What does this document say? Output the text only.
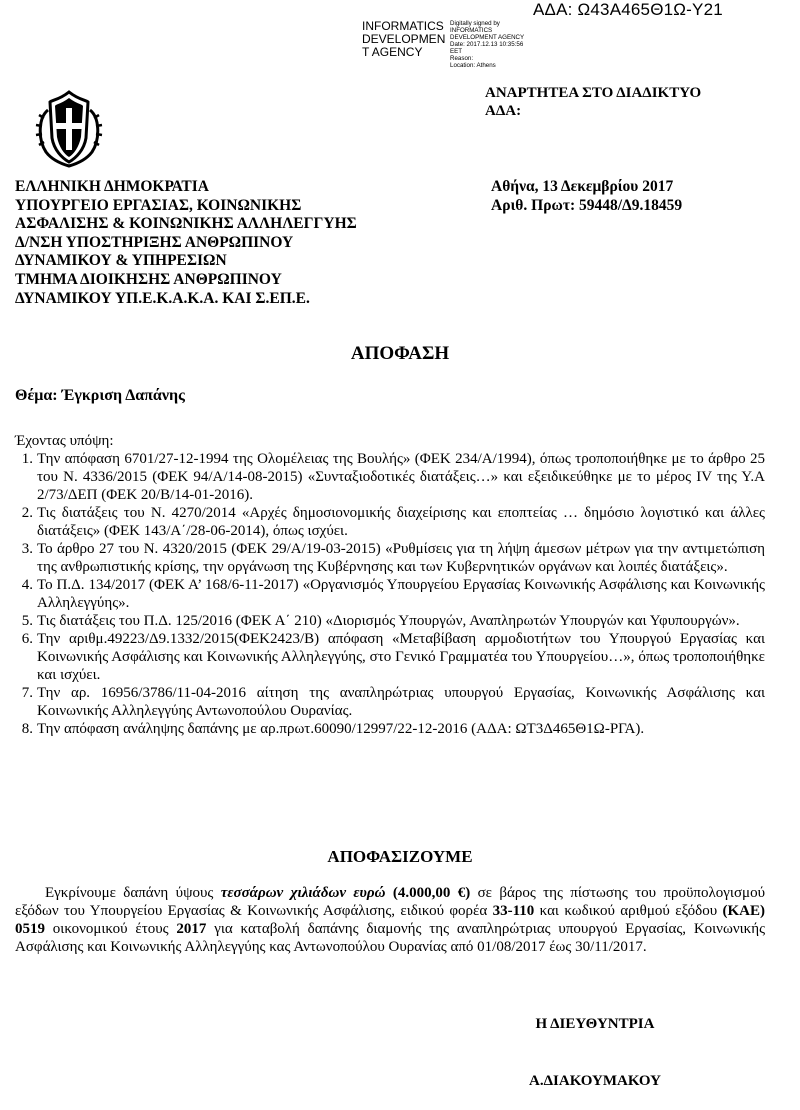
ΑΔΑ: Ω43Α465Θ1Ω-Υ21
INFORMATICS
DEVELOPMEN
T AGENCY
Digitally signed by
INFORMATICS
DEVELOPMENT AGENCY
Date: 2017.12.13 10:35:56
EET
Reason:
Location: Athens
ΑΝΑΡΤΗΤΕΑ ΣΤΟ ΔΙΑΔΙΚΤΥΟ
ΑΔΑ:
ΕΛΛΗΝΙΚΗ ΔΗΜΟΚΡΑΤΙΑ
ΥΠΟΥΡΓΕΙΟ ΕΡΓΑΣΙΑΣ, ΚΟΙΝΩΝΙΚΗΣ
ΑΣΦΑΛΙΣΗΣ & ΚΟΙΝΩΝΙΚΗΣ ΑΛΛΗΛΕΓΓΥΗΣ
Δ/ΝΣΗ ΥΠΟΣΤΗΡΙΞΗΣ ΑΝΘΡΩΠΙΝΟΥ
ΔΥΝΑΜΙΚΟΥ & ΥΠΗΡΕΣΙΩΝ
ΤΜΗΜΑ ΔΙΟΙΚΗΣΗΣ ΑΝΘΡΩΠΙΝΟΥ
ΔΥΝΑΜΙΚΟΥ ΥΠ.Ε.Κ.Α.Κ.Α. ΚΑΙ Σ.ΕΠ.Ε.
Αθήνα, 13 Δεκεμβρίου 2017
Αριθ. Πρωτ: 59448/Δ9.18459
ΑΠΟΦΑΣΗ
Θέμα: Έγκριση Δαπάνης
Έχοντας υπόψη:
1. Την απόφαση 6701/27-12-1994 της Ολομέλειας της Βουλής» (ΦΕΚ 234/Α/1994), όπως τροποποιήθηκε με το άρθρο 25 του Ν. 4336/2015 (ΦΕΚ 94/Α/14-08-2015) «Συνταξιοδοτικές διατάξεις…» και εξειδικεύθηκε με το μέρος IV της Υ.Α 2/73/ΔΕΠ (ΦΕΚ 20/Β/14-01-2016).
2. Τις διατάξεις του Ν. 4270/2014 «Αρχές δημοσιονομικής διαχείρισης και εποπτείας … δημόσιο λογιστικό και άλλες διατάξεις» (ΦΕΚ 143/Α΄/28-06-2014), όπως ισχύει.
3. Το άρθρο 27 του Ν. 4320/2015 (ΦΕΚ 29/Α/19-03-2015) «Ρυθμίσεις για τη λήψη άμεσων μέτρων για την αντιμετώπιση της ανθρωπιστικής κρίσης, την οργάνωση της Κυβέρνησης και των Κυβερνητικών οργάνων και λοιπές διατάξεις».
4. Το Π.Δ. 134/2017 (ΦΕΚ Α’ 168/6-11-2017) «Οργανισμός Υπουργείου Εργασίας Κοινωνικής Ασφάλισης και Κοινωνικής Αλληλεγγύης».
5. Τις διατάξεις του Π.Δ. 125/2016 (ΦΕΚ Α΄ 210) «Διορισμός Υπουργών, Αναπληρωτών Υπουργών και Υφυπουργών».
6. Την αριθμ.49223/Δ9.1332/2015(ΦΕΚ2423/Β) απόφαση «Μεταβίβαση αρμοδιοτήτων του Υπουργού Εργασίας και Κοινωνικής Ασφάλισης και Κοινωνικής Αλληλεγγύης, στο Γενικό Γραμματέα του Υπουργείου…», όπως τροποποιήθηκε και ισχύει.
7. Την αρ. 16956/3786/11-04-2016 αίτηση της αναπληρώτριας υπουργού Εργασίας, Κοινωνικής Ασφάλισης και Κοινωνικής Αλληλεγγύης Αντωνοπούλου Ουρανίας.
8. Την απόφαση ανάληψης δαπάνης με αρ.πρωτ.60090/12997/22-12-2016 (ΑΔΑ: ΩΤ3Δ465Θ1Ω-ΡΓΑ).
ΑΠΟΦΑΣΙΖΟΥΜΕ
Εγκρίνουμε δαπάνη ύψους τεσσάρων χιλιάδων ευρώ (4.000,00 €) σε βάρος της πίστωσης του προϋπολογισμού εξόδων του Υπουργείου Εργασίας & Κοινωνικής Ασφάλισης, ειδικού φορέα 33-110 και κωδικού αριθμού εξόδου (ΚΑΕ) 0519 οικονομικού έτους 2017 για καταβολή δαπάνης διαμονής της αναπληρώτριας υπουργού Εργασίας, Κοινωνικής Ασφάλισης και Κοινωνικής Αλληλεγγύης κας Αντωνοπούλου Ουρανίας από 01/08/2017 έως 30/11/2017.
Η ΔΙΕΥΘΥΝΤΡΙΑ
Α.ΔΙΑΚΟΥΜΑΚΟΥ
